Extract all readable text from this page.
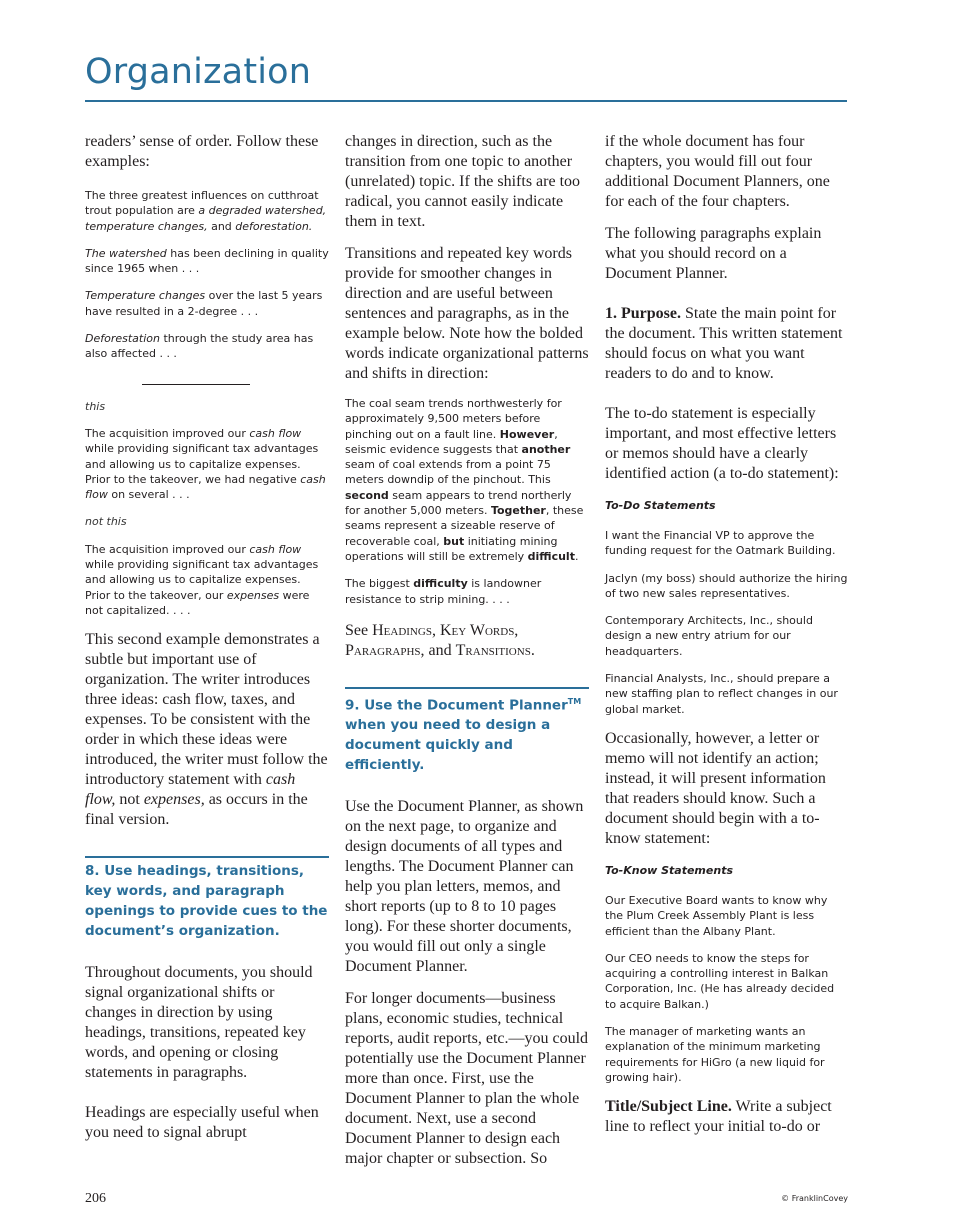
Organization

readers’ sense of order. Follow these examples:

The three greatest influences on cutthroat trout population are a degraded watershed, temperature changes, and deforestation.

The watershed has been declining in quality since 1965 when . . .

Temperature changes over the last 5 years have resulted in a 2-degree . . .

Deforestation through the study area has also affected . . .

this

The acquisition improved our cash flow while providing significant tax advantages and allowing us to capitalize expenses. Prior to the takeover, we had negative cash flow on several . . .

not this

The acquisition improved our cash flow while providing significant tax advantages and allowing us to capitalize expenses. Prior to the takeover, our expenses were not capitalized. . . .

This second example demonstrates a subtle but important use of organization. The writer introduces three ideas: cash flow, taxes, and expenses. To be consistent with the order in which these ideas were introduced, the writer must follow the introductory statement with cash flow, not expenses, as occurs in the final version.

8. Use headings, transitions, key words, and paragraph openings to provide cues to the document’s organization.

Throughout documents, you should signal organizational shifts or changes in direction by using headings, transitions, repeated key words, and opening or closing statements in paragraphs.

Headings are especially useful when you need to signal abrupt

changes in direction, such as the transition from one topic to another (unrelated) topic. If the shifts are too radical, you cannot easily indicate them in text.

Transitions and repeated key words provide for smoother changes in direction and are useful between sentences and paragraphs, as in the example below. Note how the bolded words indicate organizational patterns and shifts in direction:

The coal seam trends northwesterly for approximately 9,500 meters before pinching out on a fault line. However, seismic evidence suggests that another seam of coal extends from a point 75 meters downdip of the pinchout. This second seam appears to trend northerly for another 5,000 meters. Together, these seams represent a sizeable reserve of recoverable coal, but initiating mining operations will still be extremely difficult.

The biggest difficulty is landowner resistance to strip mining. . . .

See Headings, Key Words, Paragraphs, and Transitions.

9. Use the Document Planner™ when you need to design a document quickly and efficiently.

Use the Document Planner, as shown on the next page, to organize and design documents of all types and lengths. The Document Planner can help you plan letters, memos, and short reports (up to 8 to 10 pages long). For these shorter documents, you would fill out only a single Document Planner.

For longer documents—business plans, economic studies, technical reports, audit reports, etc.—you could potentially use the Document Planner more than once. First, use the Document Planner to plan the whole document. Next, use a second Document Planner to design each major chapter or subsection. So

if the whole document has four chapters, you would fill out four additional Document Planners, one for each of the four chapters.

The following paragraphs explain what you should record on a Document Planner.

1. Purpose. State the main point for the document. This written statement should focus on what you want readers to do and to know.

The to-do statement is especially important, and most effective letters or memos should have a clearly identified action (a to-do statement):

To-Do Statements

I want the Financial VP to approve the funding request for the Oatmark Building.

Jaclyn (my boss) should authorize the hiring of two new sales representatives.

Contemporary Architects, Inc., should design a new entry atrium for our headquarters.

Financial Analysts, Inc., should prepare a new staffing plan to reflect changes in our global market.

Occasionally, however, a letter or memo will not identify an action; instead, it will present information that readers should know. Such a document should begin with a to-know statement:

To-Know Statements

Our Executive Board wants to know why the Plum Creek Assembly Plant is less efficient than the Albany Plant.

Our CEO needs to know the steps for acquiring a controlling interest in Balkan Corporation, Inc. (He has already decided to acquire Balkan.)

The manager of marketing wants an explanation of the minimum marketing requirements for HiGro (a new liquid for growing hair).

Title/Subject Line. Write a subject line to reflect your initial to-do or

206	© FranklinCovey
